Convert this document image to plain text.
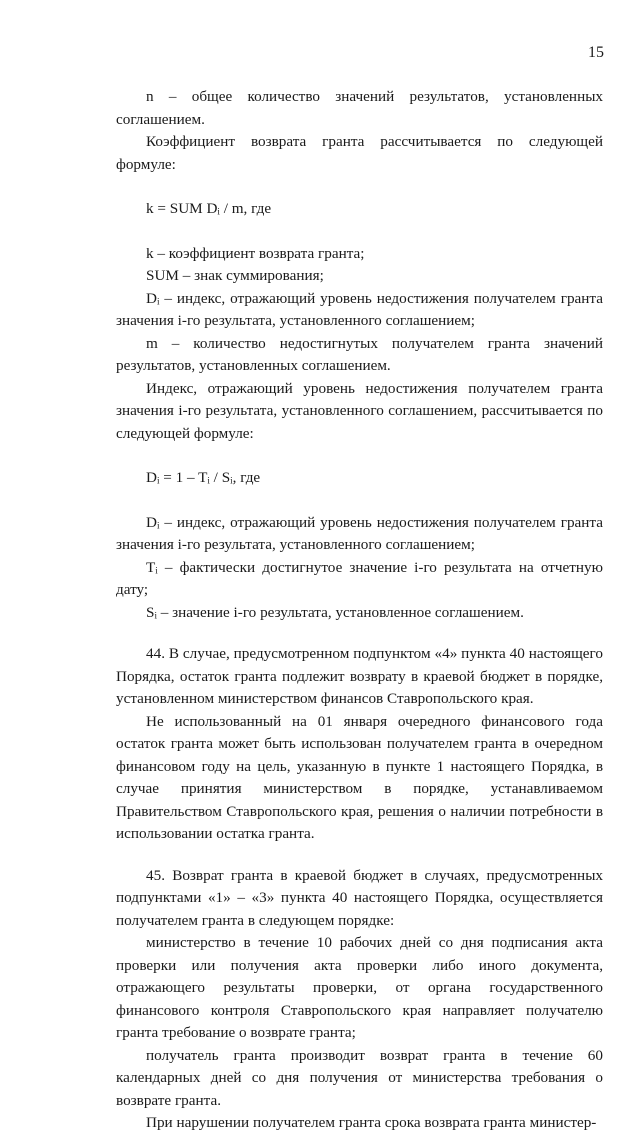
15

n – общее количество значений результатов, установленных соглашением.

Коэффициент возврата гранта рассчитывается по следующей формуле:

k = SUM Dᵢ / m, где

k – коэффициент возврата гранта;

SUM – знак суммирования;

Dᵢ – индекс, отражающий уровень недостижения получателем гранта значения i-го результата, установленного соглашением;

m – количество недостигнутых получателем гранта значений результатов, установленных соглашением.

Индекс, отражающий уровень недостижения получателем гранта значения i-го результата, установленного соглашением, рассчитывается по следующей формуле:

Dᵢ = 1 – Tᵢ / Sᵢ, где

Dᵢ – индекс, отражающий уровень недостижения получателем гранта значения i-го результата, установленного соглашением;

Tᵢ – фактически достигнутое значение i-го результата на отчетную дату;

Sᵢ – значение i-го результата, установленное соглашением.

44. В случае, предусмотренном подпунктом «4» пункта 40 настоящего Порядка, остаток гранта подлежит возврату в краевой бюджет в порядке, установленном министерством финансов Ставропольского края.

Не использованный на 01 января очередного финансового года остаток гранта может быть использован получателем гранта в очередном финансовом году на цель, указанную в пункте 1 настоящего Порядка, в случае принятия министерством в порядке, устанавливаемом Правительством Ставропольского края, решения о наличии потребности в использовании остатка гранта.

45. Возврат гранта в краевой бюджет в случаях, предусмотренных подпунктами «1» – «3» пункта 40 настоящего Порядка, осуществляется получателем гранта в следующем порядке:

министерство в течение 10 рабочих дней со дня подписания акта проверки или получения акта проверки либо иного документа, отражающего результаты проверки, от органа государственного финансового контроля Ставропольского края направляет получателю гранта требование о возврате гранта;

получатель гранта производит возврат гранта в течение 60 календарных дней со дня получения от министерства требования о возврате гранта.

При нарушении получателем гранта срока возврата гранта министер-
